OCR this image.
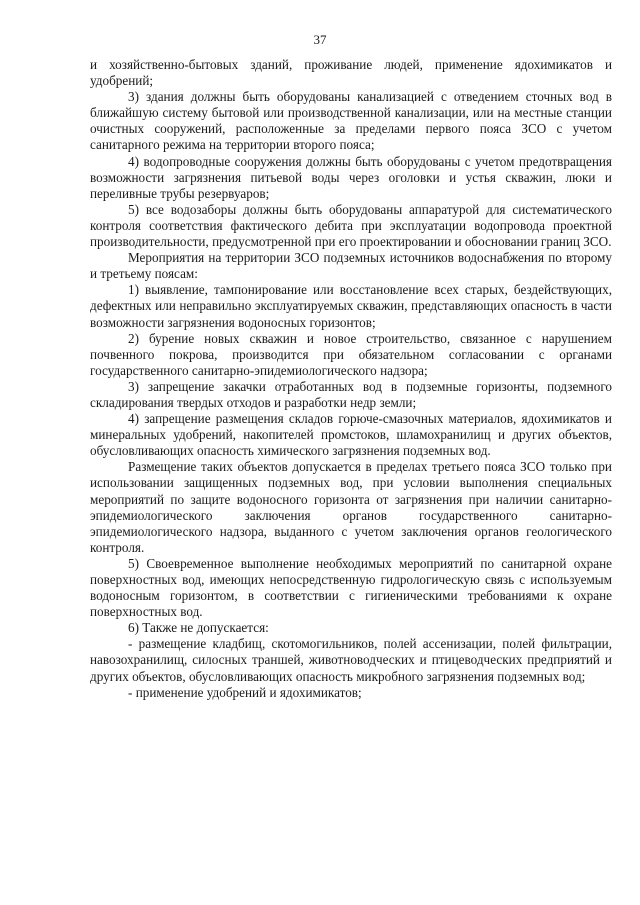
37

и хозяйственно-бытовых зданий, проживание людей, применение ядохимикатов и удобрений;

3) здания должны быть оборудованы канализацией с отведением сточных вод в ближайшую систему бытовой или производственной канализации, или на местные станции очистных сооружений, расположенные за пределами первого пояса ЗСО с учетом санитарного режима на территории второго пояса;

4) водопроводные сооружения должны быть оборудованы с учетом предотвращения возможности загрязнения питьевой воды через оголовки и устья скважин, люки и переливные трубы резервуаров;

5) все водозаборы должны быть оборудованы аппаратурой для систематического контроля соответствия фактического дебита при эксплуатации водопровода проектной производительности, предусмотренной при его проектировании и обосновании границ ЗСО.

Мероприятия на территории ЗСО подземных источников водоснабжения по второму и третьему поясам:

1) выявление, тампонирование или восстановление всех старых, бездействующих, дефектных или неправильно эксплуатируемых скважин, представляющих опасность в части возможности загрязнения водоносных горизонтов;

2) бурение новых скважин и новое строительство, связанное с нарушением почвенного покрова, производится при обязательном согласовании с органами государственного санитарно-эпидемиологического надзора;

3) запрещение закачки отработанных вод в подземные горизонты, подземного складирования твердых отходов и разработки недр земли;

4) запрещение размещения складов горюче-смазочных материалов, ядохимикатов и минеральных удобрений, накопителей промстоков, шламохранилищ и других объектов, обусловливающих опасность химического загрязнения подземных вод.

Размещение таких объектов допускается в пределах третьего пояса ЗСО только при использовании защищенных подземных вод, при условии выполнения специальных мероприятий по защите водоносного горизонта от загрязнения при наличии санитарно-эпидемиологического заключения органов государственного санитарно-эпидемиологического надзора, выданного с учетом заключения органов геологического контроля.

5) Своевременное выполнение необходимых мероприятий по санитарной охране поверхностных вод, имеющих непосредственную гидрологическую связь с используемым водоносным горизонтом, в соответствии с гигиеническими требованиями к охране поверхностных вод.

6) Также не допускается:

- размещение кладбищ, скотомогильников, полей ассенизации, полей фильтрации, навозохранилищ, силосных траншей, животноводческих и птицеводческих предприятий и других объектов, обусловливающих опасность микробного загрязнения подземных вод;

- применение удобрений и ядохимикатов;
